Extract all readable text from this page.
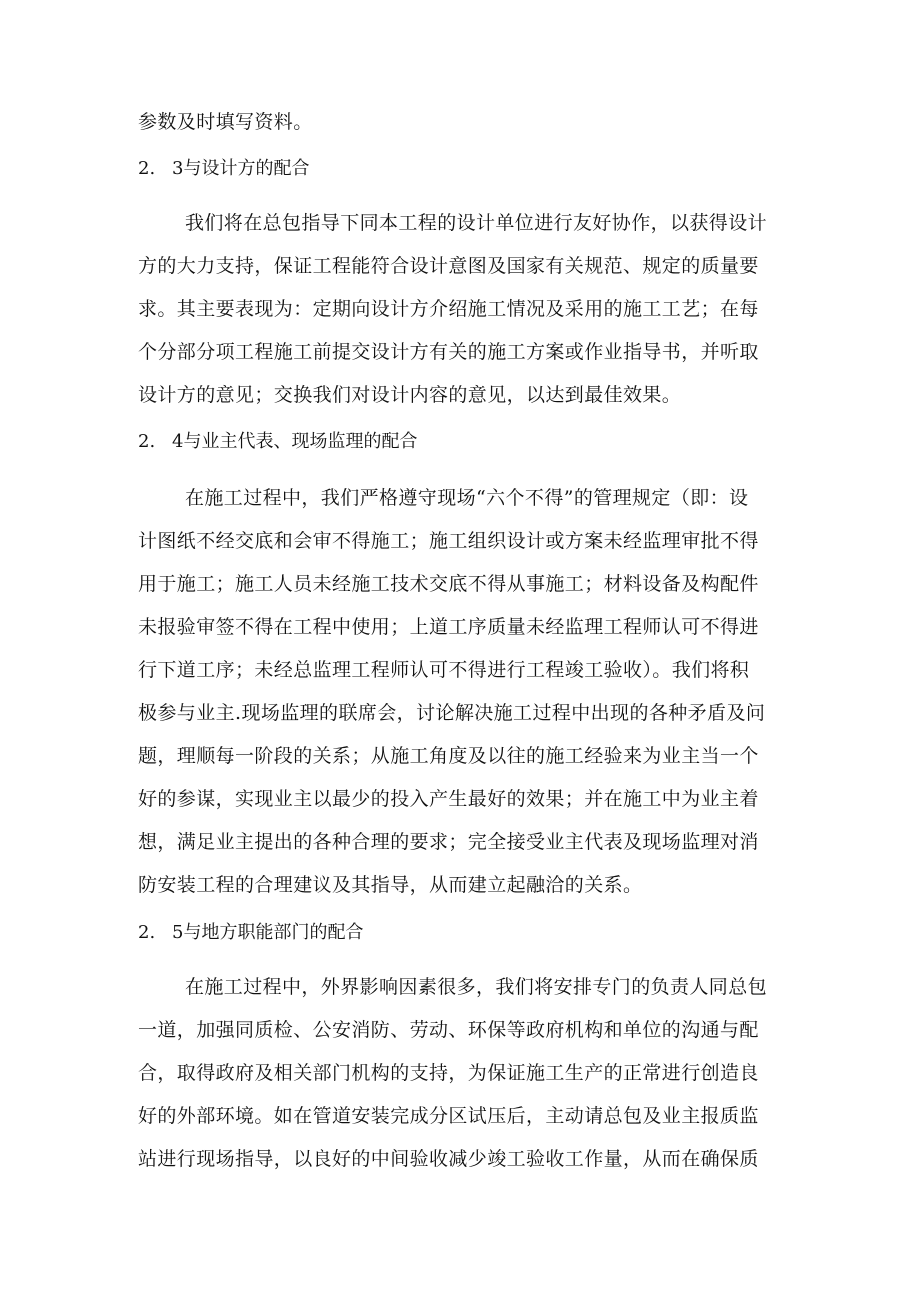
参数及时填写资料。
2. 3与设计方的配合
我们将在总包指导下同本工程的设计单位进行友好协作，以获得设计
方的大力支持，保证工程能符合设计意图及国家有关规范、规定的质量要
求。其主要表现为：定期向设计方介绍施工情况及采用的施工工艺；在每
个分部分项工程施工前提交设计方有关的施工方案或作业指导书，并听取
设计方的意见；交换我们对设计内容的意见，以达到最佳效果。
2. 4与业主代表、现场监理的配合
在施工过程中，我们严格遵守现场“六个不得”的管理规定（即：设
计图纸不经交底和会审不得施工；施工组织设计或方案未经监理审批不得
用于施工；施工人员未经施工技术交底不得从事施工；材料设备及构配件
未报验审签不得在工程中使用；上道工序质量未经监理工程师认可不得进
行下道工序；未经总监理工程师认可不得进行工程竣工验收）。我们将积
极参与业主.现场监理的联席会，讨论解决施工过程中出现的各种矛盾及问
题，理顺每一阶段的关系；从施工角度及以往的施工经验来为业主当一个
好的参谋，实现业主以最少的投入产生最好的效果；并在施工中为业主着
想，满足业主提出的各种合理的要求；完全接受业主代表及现场监理对消
防安装工程的合理建议及其指导，从而建立起融洽的关系。
2. 5与地方职能部门的配合
在施工过程中，外界影响因素很多，我们将安排专门的负责人同总包
一道，加强同质检、公安消防、劳动、环保等政府机构和单位的沟通与配
合，取得政府及相关部门机构的支持，为保证施工生产的正常进行创造良
好的外部环境。如在管道安装完成分区试压后，主动请总包及业主报质监
站进行现场指导，以良好的中间验收减少竣工验收工作量，从而在确保质
